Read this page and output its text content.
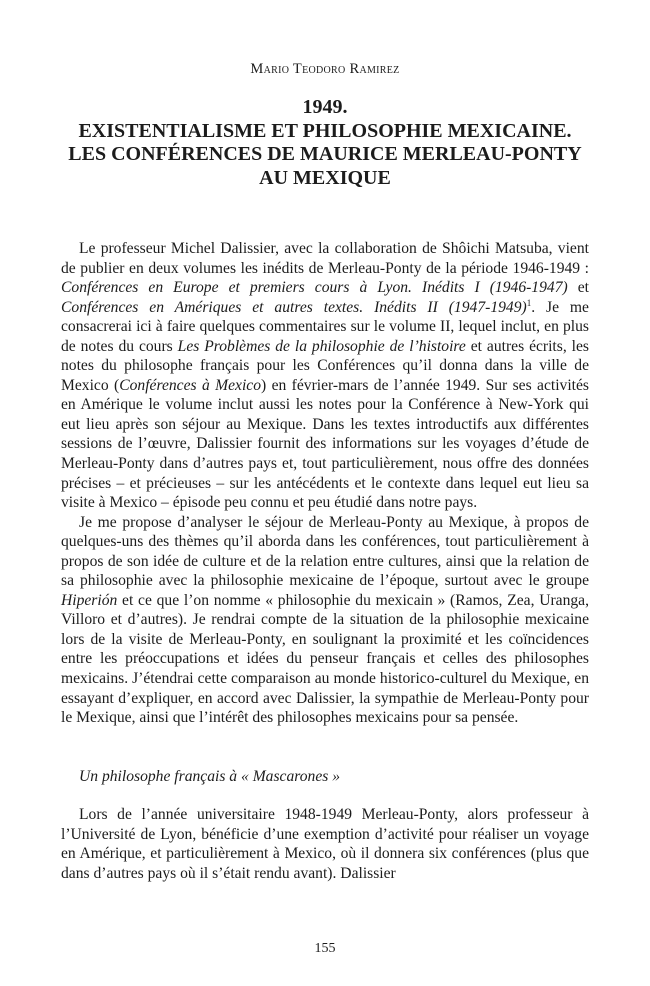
Mario Teodoro Ramirez
1949.
EXISTENTIALISME ET PHILOSOPHIE MEXICAINE.
LES CONFÉRENCES DE MAURICE MERLEAU-PONTY
AU MEXIQUE

Le professeur Michel Dalissier, avec la collaboration de Shôichi Matsuba, vient de publier en deux volumes les inédits de Merleau-Ponty de la période 1946-1949 : Conférences en Europe et premiers cours à Lyon. Inédits I (1946-1947) et Conférences en Amériques et autres textes. Inédits II (1947-1949)$^1$. Je me consacrerai ici à faire quelques commentaires sur le volume II, lequel inclut, en plus de notes du cours Les Problèmes de la philosophie de l’histoire et autres écrits, les notes du philosophe français pour les Conférences qu’il donna dans la ville de Mexico (Conférences à Mexico) en février-mars de l’année 1949. Sur ses activités en Amérique le volume inclut aussi les notes pour la Conférence à New-York qui eut lieu après son séjour au Mexique. Dans les textes introductifs aux différentes sessions de l’œuvre, Dalissier fournit des informations sur les voyages d’étude de Merleau-Ponty dans d’autres pays et, tout particulièrement, nous offre des données précises – et précieuses – sur les antécédents et le contexte dans lequel eut lieu sa visite à Mexico – épisode peu connu et peu étudié dans notre pays.

Je me propose d’analyser le séjour de Merleau-Ponty au Mexique, à propos de quelques-uns des thèmes qu’il aborda dans les conférences, tout particulièrement à propos de son idée de culture et de la relation entre cultures, ainsi que la relation de sa philosophie avec la philosophie mexicaine de l’époque, surtout avec le groupe Hiperión et ce que l’on nomme « philosophie du mexicain » (Ramos, Zea, Uranga, Villoro et d’autres). Je rendrai compte de la situation de la philosophie mexicaine lors de la visite de Merleau-Ponty, en soulignant la proximité et les coïncidences entre les préoccupations et idées du penseur français et celles des philosophes mexicains. J’étendrai cette comparaison au monde historico-culturel du Mexique, en essayant d’expliquer, en accord avec Dalissier, la sympathie de Merleau-Ponty pour le Mexique, ainsi que l’intérêt des philosophes mexicains pour sa pensée.

Un philosophe français à « Mascarones »

Lors de l’année universitaire 1948-1949 Merleau-Ponty, alors professeur à l’Université de Lyon, bénéficie d’une exemption d’activité pour réaliser un voyage en Amérique, et particulièrement à Mexico, où il donnera six conférences (plus que dans d’autres pays où il s’était rendu avant). Dalissier

155
